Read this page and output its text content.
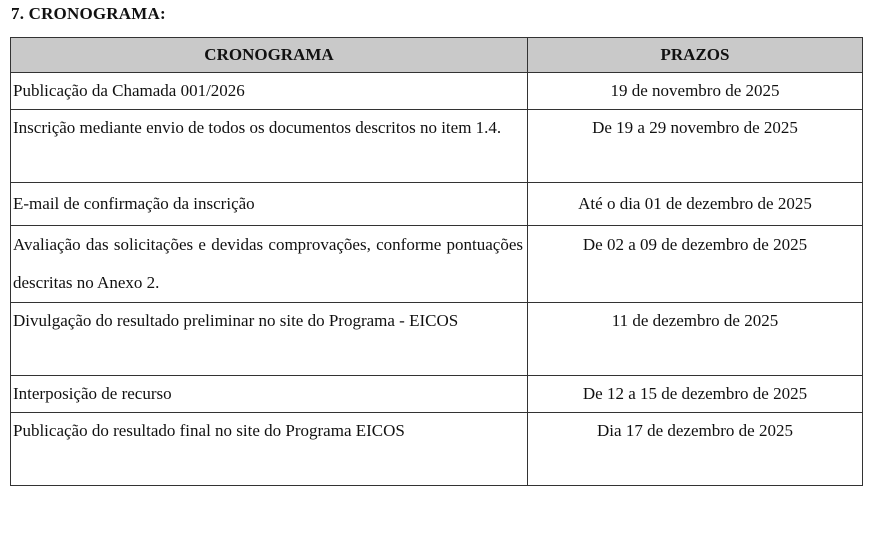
7. CRONOGRAMA:
CRONOGRAMA	PRAZOS

Publicação da Chamada 001/2026	19 de novembro de 2025

Inscrição mediante envio de todos os documentos descritos no item 1.4.	De 19 a 29 novembro de 2025

E-mail de confirmação da inscrição	Até o dia 01 de dezembro de 2025

Avaliação das solicitações e devidas comprovações, conforme pontuações descritas no Anexo 2.	De 02 a 09 de dezembro de 2025

Divulgação do resultado preliminar no site do Programa - EICOS	11 de dezembro de 2025

Interposição de recurso	De 12 a 15 de dezembro de 2025

Publicação do resultado final no site do Programa EICOS	Dia 17 de dezembro de 2025
